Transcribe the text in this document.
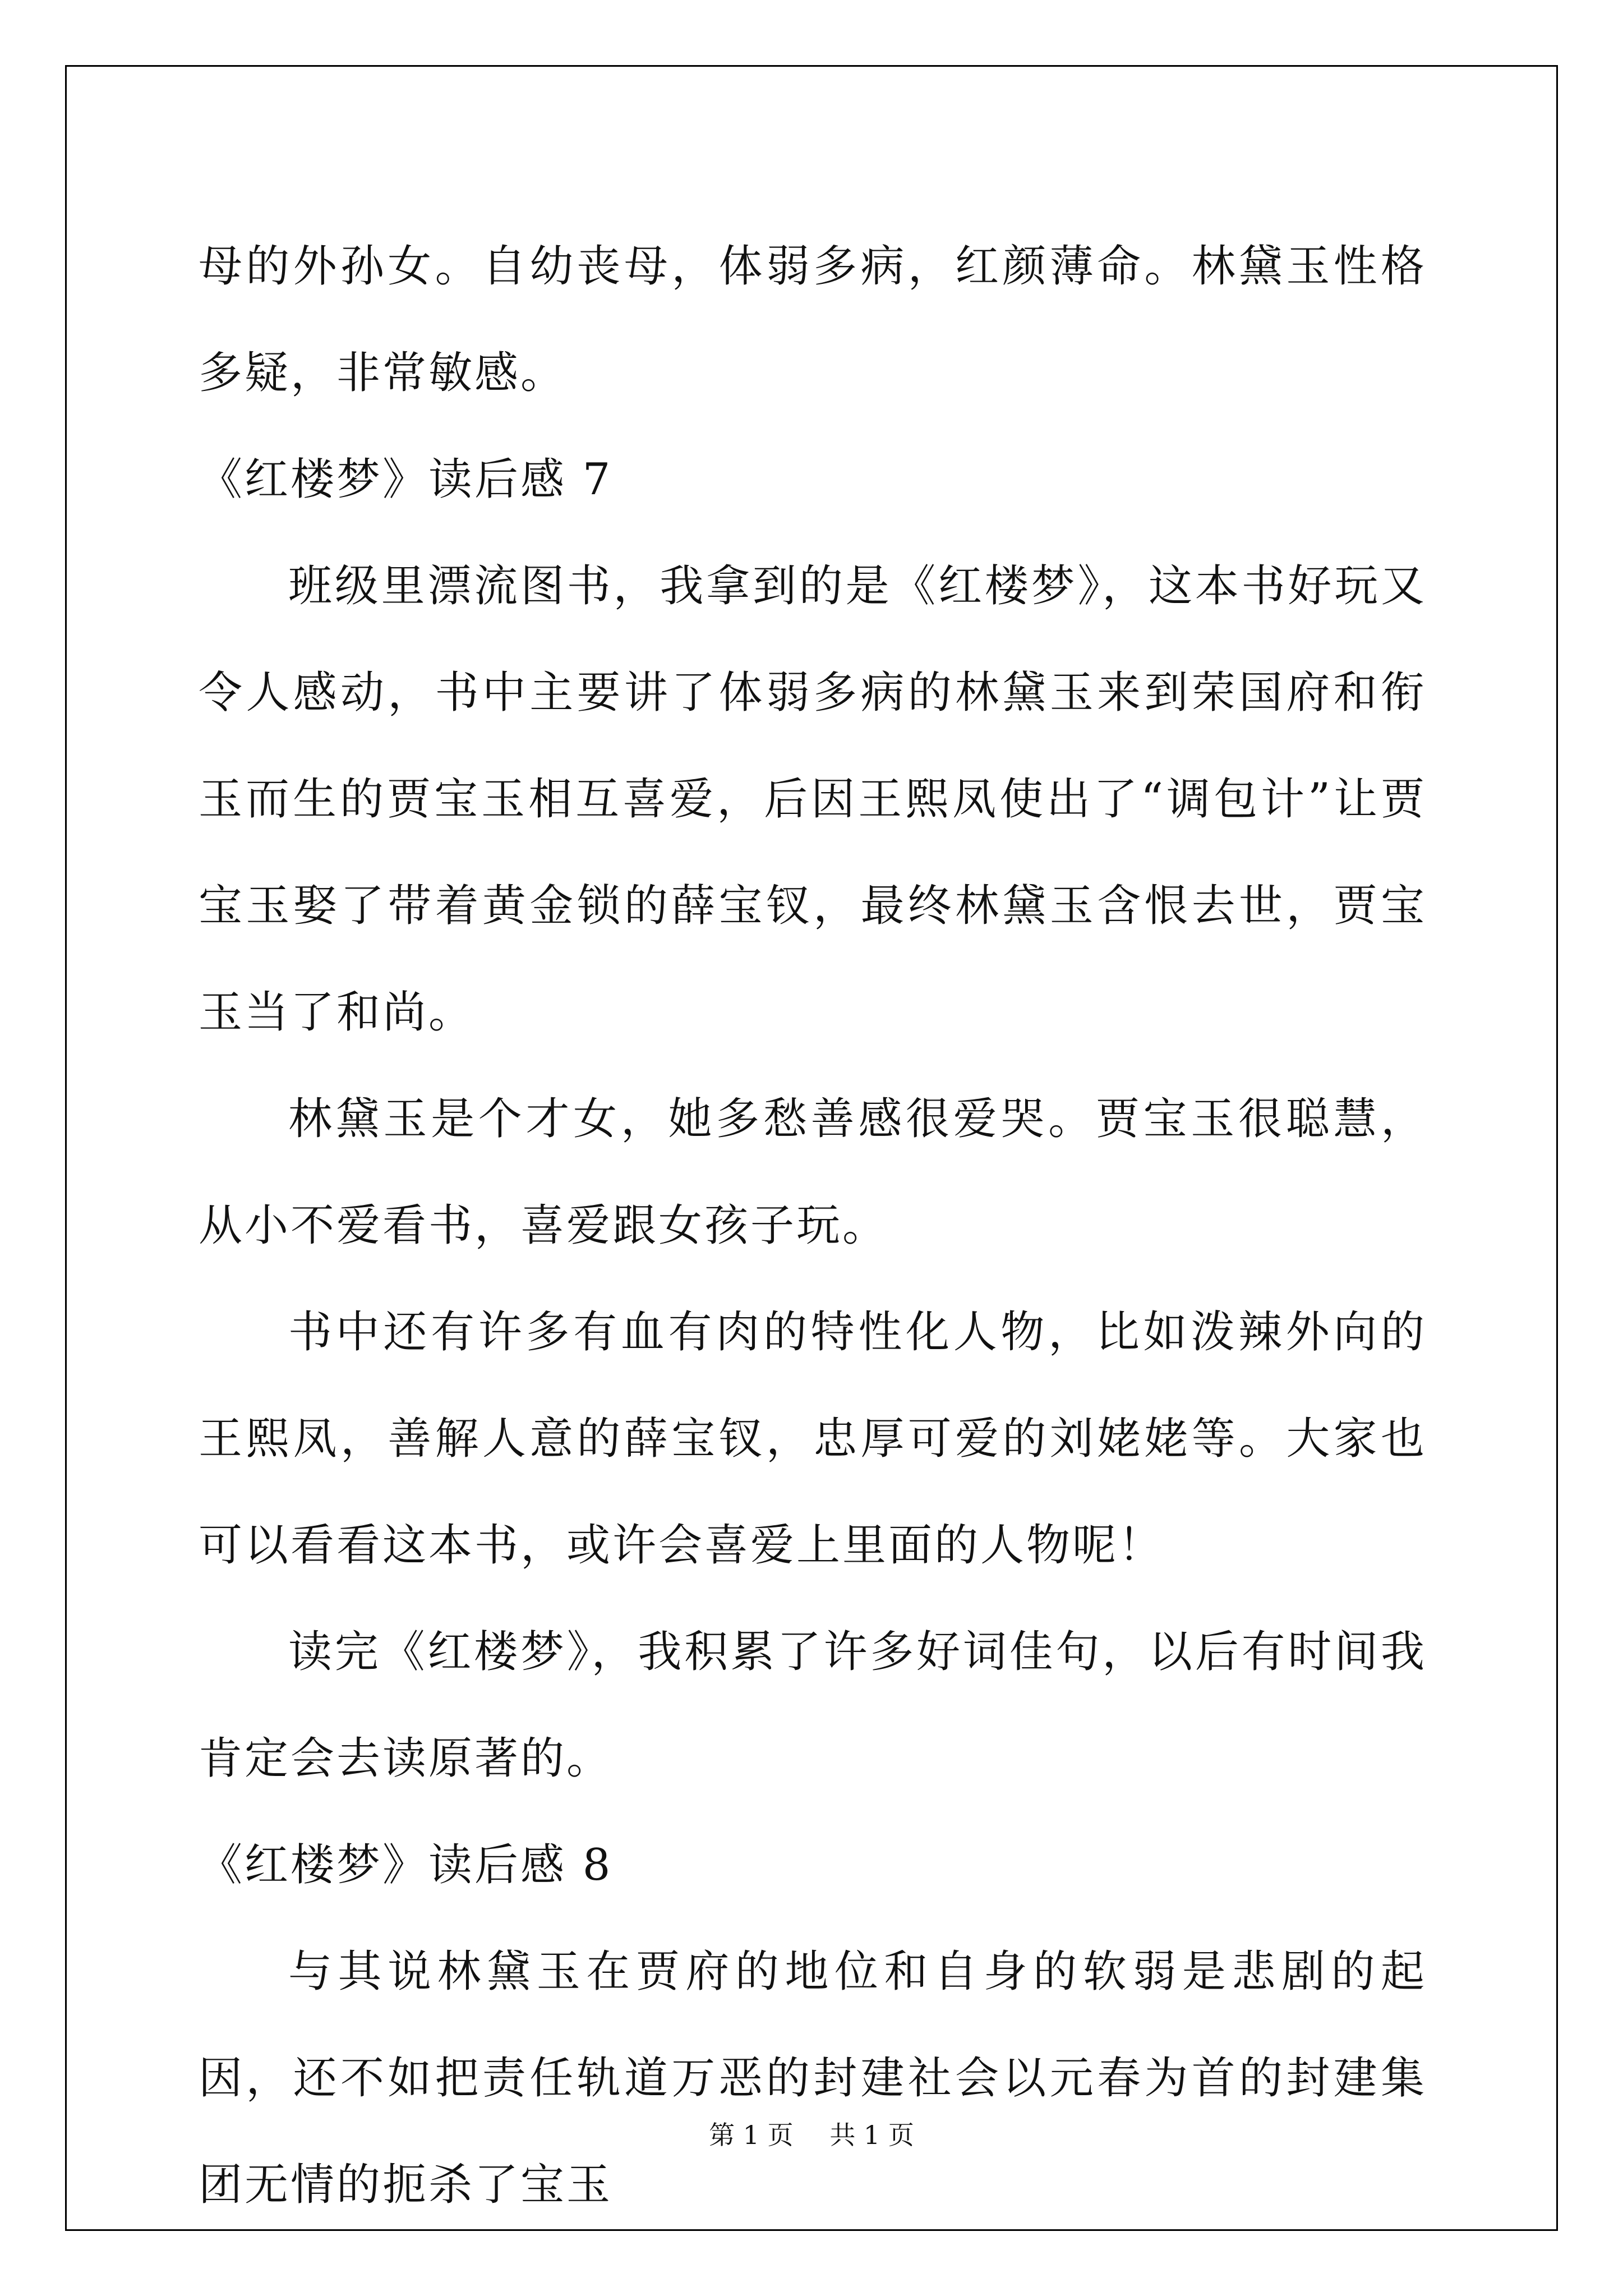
母的外孙女。自幼丧母，体弱多病，红颜薄命。林黛玉性格多疑，非常敏感。

《红楼梦》读后感 7

班级里漂流图书，我拿到的是《红楼梦》，这本书好玩又令人感动，书中主要讲了体弱多病的林黛玉来到荣国府和衔玉而生的贾宝玉相互喜爱，后因王熙凤使出了“调包计”让贾宝玉娶了带着黄金锁的薛宝钗，最终林黛玉含恨去世，贾宝玉当了和尚。

林黛玉是个才女，她多愁善感很爱哭。贾宝玉很聪慧，从小不爱看书，喜爱跟女孩子玩。

书中还有许多有血有肉的特性化人物，比如泼辣外向的王熙凤，善解人意的薛宝钗，忠厚可爱的刘姥姥等。大家也可以看看这本书，或许会喜爱上里面的人物呢！

读完《红楼梦》，我积累了许多好词佳句，以后有时间我肯定会去读原著的。

《红楼梦》读后感 8

与其说林黛玉在贾府的地位和自身的软弱是悲剧的起因，还不如把责任轨道万恶的封建社会以元春为首的封建集团无情的扼杀了宝玉

第 1 页 共 1 页
